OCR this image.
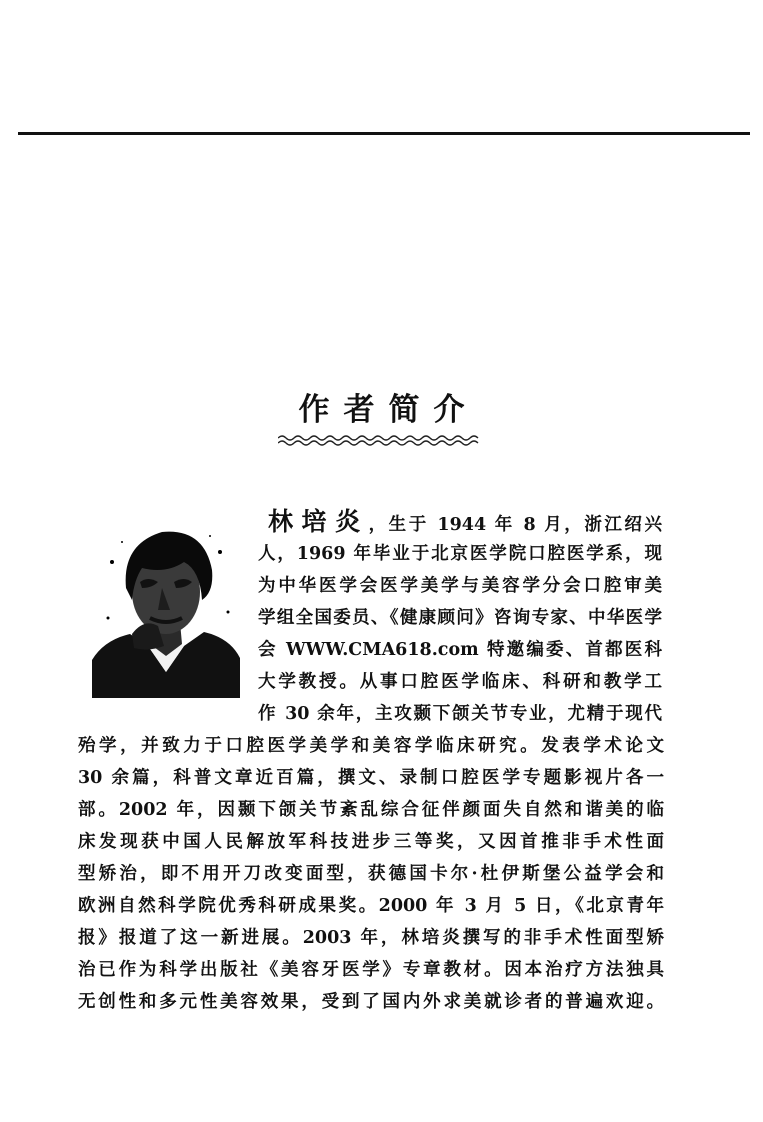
作者简介
林培炎，生于 1944 年 8 月，浙江绍兴
人，1969 年毕业于北京医学院口腔医学系，现
为中华医学会医学美学与美容学分会口腔审美
学组全国委员、《健康顾问》咨询专家、中华医学
会 WWW.CMA618.com 特邀编委、首都医科
大学教授。从事口腔医学临床、科研和教学工
作 30 余年，主攻颞下颌关节专业，尤精于现代
殆学，并致力于口腔医学美学和美容学临床研究。发表学术论文
30 余篇，科普文章近百篇，撰文、录制口腔医学专题影视片各一
部。2002 年，因颞下颌关节紊乱综合征伴颜面失自然和谐美的临
床发现获中国人民解放军科技进步三等奖，又因首推非手术性面
型矫治，即不用开刀改变面型，获德国卡尔·杜伊斯堡公益学会和
欧洲自然科学院优秀科研成果奖。2000 年 3 月 5 日，《北京青年
报》报道了这一新进展。2003 年，林培炎撰写的非手术性面型矫
治已作为科学出版社《美容牙医学》专章教材。因本治疗方法独具
无创性和多元性美容效果，受到了国内外求美就诊者的普遍欢迎。
